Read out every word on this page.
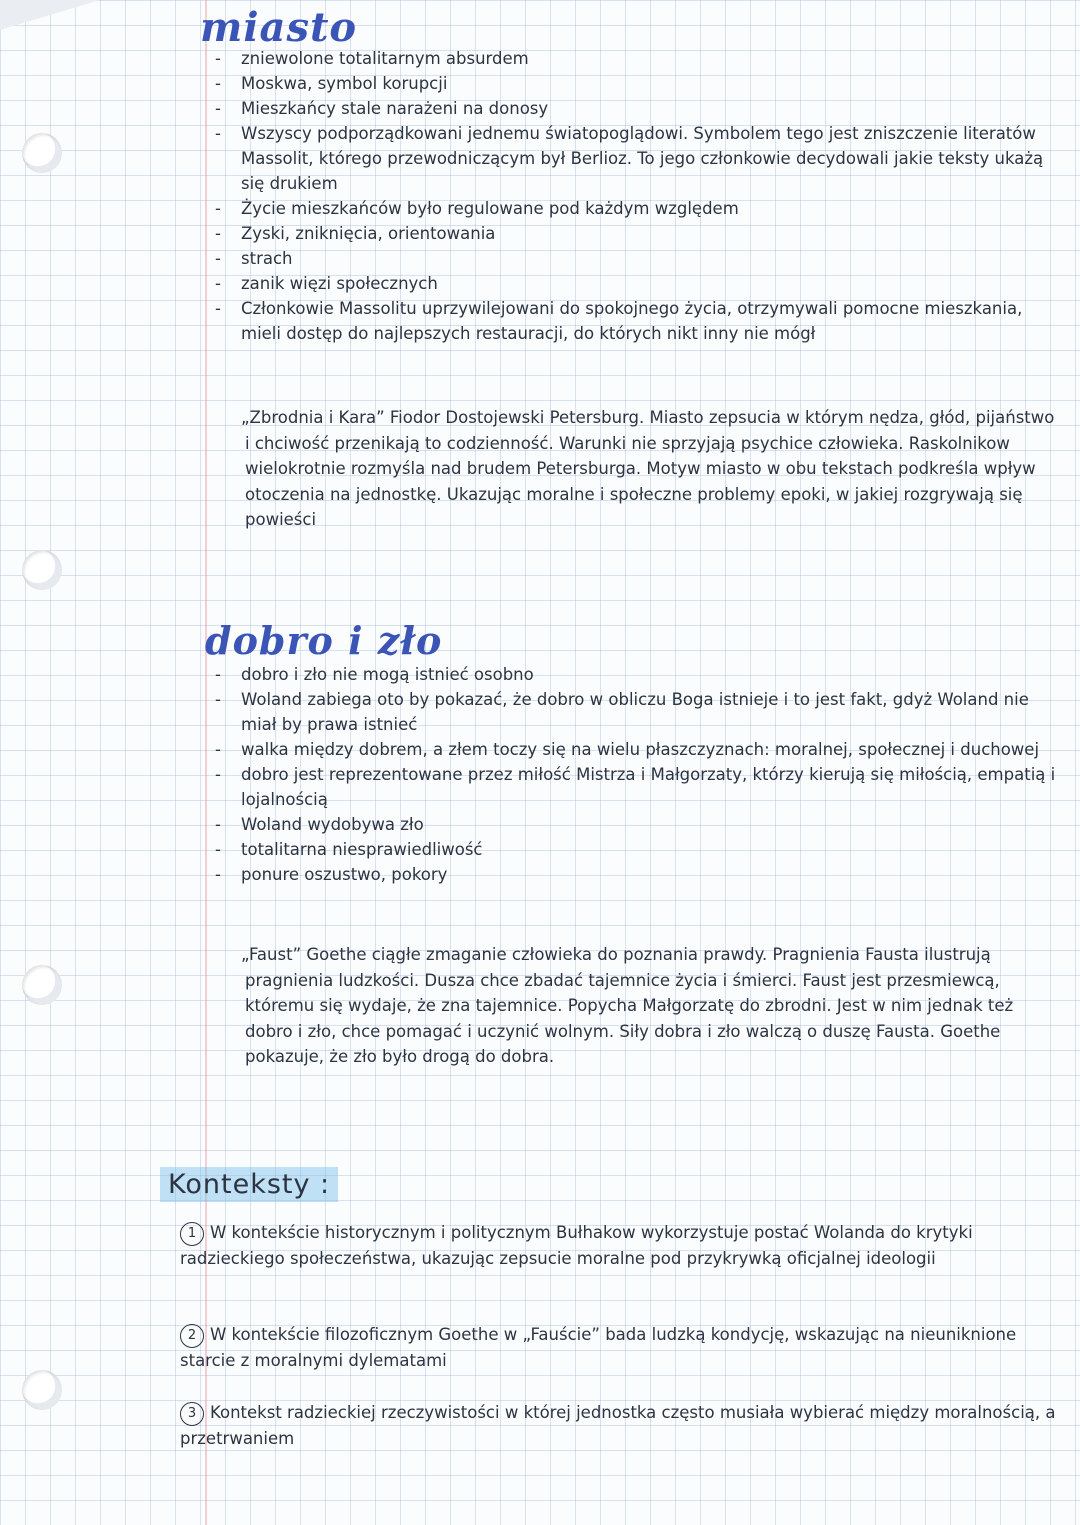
miasto
- zniewolone totalitarnym absurdem
- Moskwa, symbol korupcji
- Mieszkańcy stale narażeni na donosy
- Wszyscy podporządkowani jednemu światopoglądowi. Symbolem tego jest zniszczenie literatów Massolit, którego przewodniczącym był Berlioz. To jego członkowie decydowali jakie teksty ukażą się drukiem
- Życie mieszkańców było regulowane pod każdym względem
- Zyski, zniknięcia, orientowania
- strach
- zanik więzi społecznych
- Członkowie Massolitu uprzywilejowani do spokojnego życia, otrzymywali pomocne mieszkania, mieli dostęp do najlepszych restauracji, do których nikt inny nie mógł

„Zbrodnia i Kara” Fiodor Dostojewski Petersburg. Miasto zepsucia w którym nędza, głód, pijaństwo i chciwość przenikają to codzienność. Warunki nie sprzyjają psychice człowieka. Raskolnikow wielokrotnie rozmyśla nad brudem Petersburga. Motyw miasto w obu tekstach podkreśla wpływ otoczenia na jednostkę. Ukazując moralne i społeczne problemy epoki, w jakiej rozgrywają się powieści

dobro i zło
- dobro i zło nie mogą istnieć osobno
- Woland zabiega oto by pokazać, że dobro w obliczu Boga istnieje i to jest fakt, gdyż Woland nie miał by prawa istnieć
- walka między dobrem, a złem toczy się na wielu płaszczyznach: moralnej, społecznej i duchowej
- dobro jest reprezentowane przez miłość Mistrza i Małgorzaty, którzy kierują się miłością, empatią i lojalnością
- Woland wydobywa zło
- totalitarna niesprawiedliwość
- ponure oszustwo, pokory

„Faust” Goethe ciągłe zmaganie człowieka do poznania prawdy. Pragnienia Fausta ilustrują pragnienia ludzkości. Dusza chce zbadać tajemnice życia i śmierci. Faust jest przesmiewcą, któremu się wydaje, że zna tajemnice. Popycha Małgorzatę do zbrodni. Jest w nim jednak też dobro i zło, chce pomagać i uczynić wolnym. Siły dobra i zło walczą o duszę Fausta. Goethe pokazuje, że zło było drogą do dobra.

Konteksty :
1 W kontekście historycznym i politycznym Bułhakow wykorzystuje postać Wolanda do krytyki radzieckiego społeczeństwa, ukazując zepsucie moralne pod przykrywką oficjalnej ideologii
2 W kontekście filozoficznym Goethe w „Fauście” bada ludzką kondycję, wskazując na nieuniknione starcie z moralnymi dylematami
3 Kontekst radzieckiej rzeczywistości w której jednostka często musiała wybierać między moralnością, a przetrwaniem
